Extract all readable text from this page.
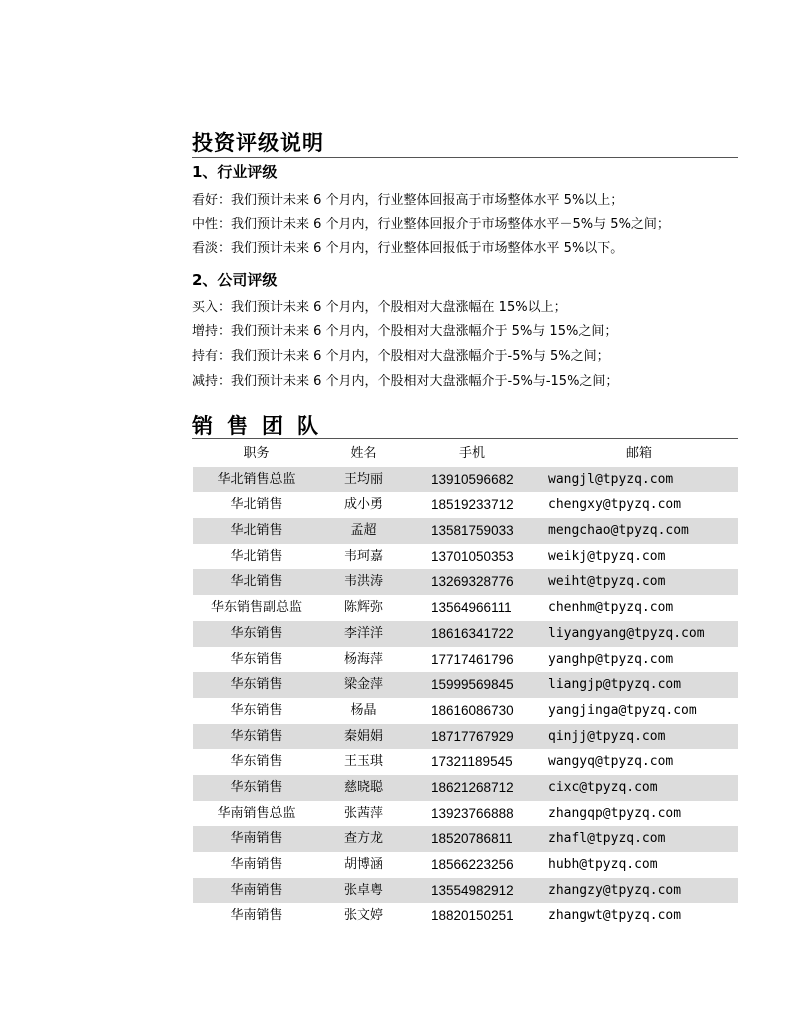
投资评级说明
1、行业评级
看好：我们预计未来 6 个月内，行业整体回报高于市场整体水平 5%以上；
中性：我们预计未来 6 个月内，行业整体回报介于市场整体水平－5%与 5%之间；
看淡：我们预计未来 6 个月内，行业整体回报低于市场整体水平 5%以下。
2、公司评级
买入：我们预计未来 6 个月内，个股相对大盘涨幅在 15%以上；
增持：我们预计未来 6 个月内，个股相对大盘涨幅介于 5%与 15%之间；
持有：我们预计未来 6 个月内，个股相对大盘涨幅介于-5%与 5%之间；
减持：我们预计未来 6 个月内，个股相对大盘涨幅介于-5%与-15%之间；
销售团队
职务	姓名	手机	邮箱
华北销售总监	王均丽	13910596682	wangjl@tpyzq.com
华北销售	成小勇	18519233712	chengxy@tpyzq.com
华北销售	孟超	13581759033	mengchao@tpyzq.com
华北销售	韦珂嘉	13701050353	weikj@tpyzq.com
华北销售	韦洪涛	13269328776	weiht@tpyzq.com
华东销售副总监	陈辉弥	13564966111	chenhm@tpyzq.com
华东销售	李洋洋	18616341722	liyangyang@tpyzq.com
华东销售	杨海萍	17717461796	yanghp@tpyzq.com
华东销售	梁金萍	15999569845	liangjp@tpyzq.com
华东销售	杨晶	18616086730	yangjinga@tpyzq.com
华东销售	秦娟娟	18717767929	qinjj@tpyzq.com
华东销售	王玉琪	17321189545	wangyq@tpyzq.com
华东销售	慈晓聪	18621268712	cixc@tpyzq.com
华南销售总监	张茜萍	13923766888	zhangqp@tpyzq.com
华南销售	查方龙	18520786811	zhafl@tpyzq.com
华南销售	胡博涵	18566223256	hubh@tpyzq.com
华南销售	张卓粤	13554982912	zhangzy@tpyzq.com
华南销售	张文婷	18820150251	zhangwt@tpyzq.com
